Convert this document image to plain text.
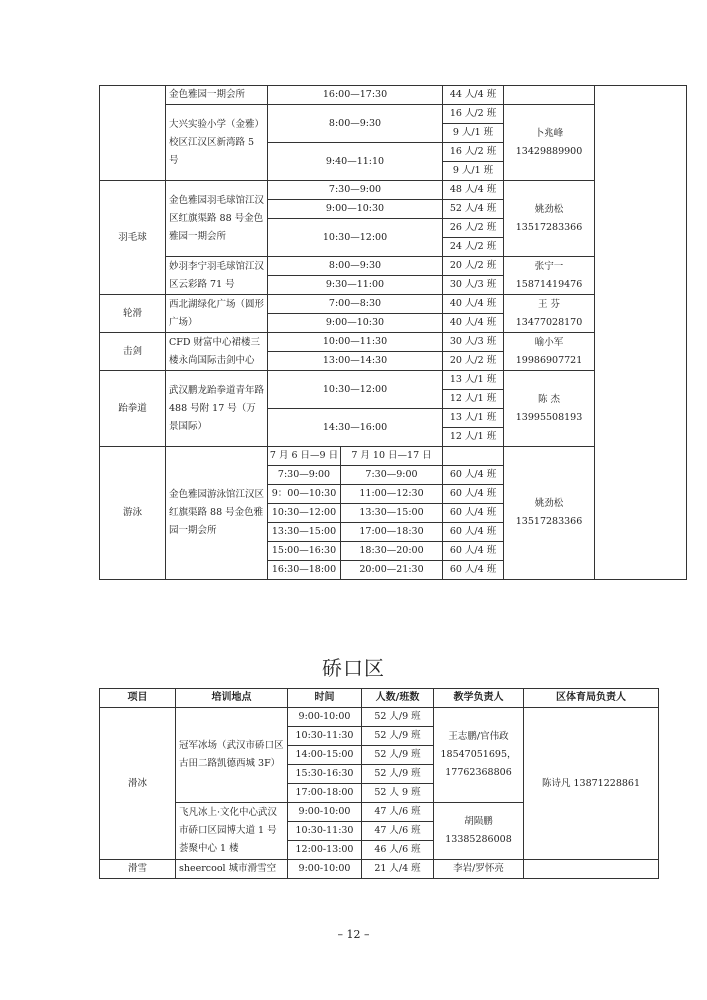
	金色雅园一期会所	16:00—17:30		44 人/4 班		
	大兴实验小学（金雅）校区江汉区新湾路 5 号	8:00—9:30		16 人/2 班	卜兆峰 13429889900	
				9 人/1 班		
		9:40—11:10		16 人/2 班		
				9 人/1 班		
羽毛球	金色雅园羽毛球馆江汉区红旗渠路 88 号金色雅园一期会所	7:30—9:00		48 人/4 班	姚劲松 13517283366	
		9:00—10:30		52 人/4 班		
		10:30—12:00		26 人/2 班		
				24 人/2 班		
	妙羽李宁羽毛球馆江汉区云彩路 71 号	8:00—9:30		20 人/2 班	张宁一 15871419476	
		9:30—11:00		30 人/3 班		
轮滑	西北湖绿化广场（圆形广场）	7:00—8:30		40 人/4 班	王 芬 13477028170	
		9:00—10:30		40 人/4 班		
击剑	CFD 财富中心裙楼三楼永尚国际击剑中心	10:00—11:30		30 人/3 班	喻小军 19986907721	
		13:00—14:30		20 人/2 班		

跆拳道	武汉鹏龙跆拳道青年路 488 号附 17 号（万景国际）	10:30—12:00		13 人/1 班	陈 杰 13995508193	
				12 人/1 班		
		14:30—16:00		13 人/1 班		
				12 人/1 班		
游泳	金色雅园游泳馆江汉区红旗渠路 88 号金色雅园一期会所	7 月 6 日—9 日	7 月 10 日—17 日		姚劲松 13517283366	
		7:30—9:00	7:30—9:00	60 人/4 班		
		9：00—10:30	11:00—12:30	60 人/4 班		
		10:30—12:00	13:30—15:00	60 人/4 班		
		13:30—15:00	17:00—18:30	60 人/4 班		
		15:00—16:30	18:30—20:00	60 人/4 班		
		16:30—18:00	20:00—21:30	60 人/4 班		
硚口区
项目	培训地点	时间	人数/班数	教学负责人	区体育局负责人
滑冰	冠军冰场（武汉市硚口区古田二路凯德西城 3F）	9:00-10:00	52 人/9 班	王志鹏/官伟政 18547051695，17762368806	陈诗凡 13871228861
		10:30-11:30	52 人/9 班		
		14:00-15:00	52 人/9 班		
		15:30-16:30	52 人/9 班		
		17:00-18:00	52 人 9 班		
	飞凡冰上·文化中心武汉市硚口区园博大道 1 号荟聚中心 1 楼	9:00-10:00	47 人/6 班	胡陨鹏 13385286008	
		10:30-11:30	47 人/6 班		
		12:00-13:00	46 人/6 班		
滑雪	sheercool 城市滑雪空	9:00-10:00	21 人/4 班	李岩/罗怀亮	
– 12 –
